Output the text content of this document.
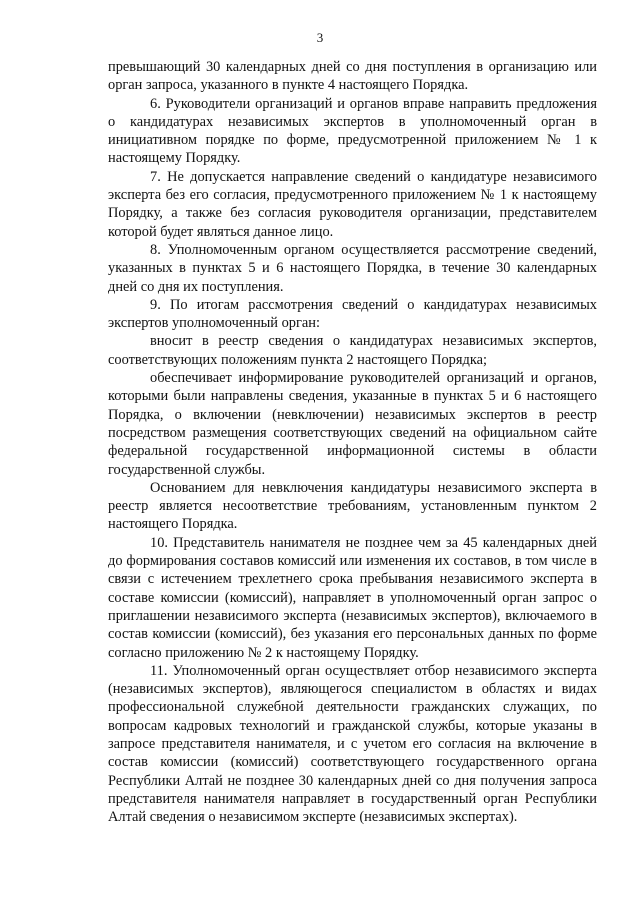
3

превышающий 30 календарных дней со дня поступления в организацию или орган запроса, указанного в пункте 4 настоящего Порядка.

6. Руководители организаций и органов вправе направить предложения о кандидатурах независимых экспертов в уполномоченный орган в инициативном порядке по форме, предусмотренной приложением № 1 к настоящему Порядку.

7. Не допускается направление сведений о кандидатуре независимого эксперта без его согласия, предусмотренного приложением № 1 к настоящему Порядку, а также без согласия руководителя организации, представителем которой будет являться данное лицо.

8. Уполномоченным органом осуществляется рассмотрение сведений, указанных в пунктах 5 и 6 настоящего Порядка, в течение 30 календарных дней со дня их поступления.

9. По итогам рассмотрения сведений о кандидатурах независимых экспертов уполномоченный орган:

вносит в реестр сведения о кандидатурах независимых экспертов, соответствующих положениям пункта 2 настоящего Порядка;

обеспечивает информирование руководителей организаций и органов, которыми были направлены сведения, указанные в пунктах 5 и 6 настоящего Порядка, о включении (невключении) независимых экспертов в реестр посредством размещения соответствующих сведений на официальном сайте федеральной государственной информационной системы в области государственной службы.

Основанием для невключения кандидатуры независимого эксперта в реестр является несоответствие требованиям, установленным пунктом 2 настоящего Порядка.

10. Представитель нанимателя не позднее чем за 45 календарных дней до формирования составов комиссий или изменения их составов, в том числе в связи с истечением трехлетнего срока пребывания независимого эксперта в составе комиссии (комиссий), направляет в уполномоченный орган запрос о приглашении независимого эксперта (независимых экспертов), включаемого в состав комиссии (комиссий), без указания его персональных данных по форме согласно приложению № 2 к настоящему Порядку.

11. Уполномоченный орган осуществляет отбор независимого эксперта (независимых экспертов), являющегося специалистом в областях и видах профессиональной служебной деятельности гражданских служащих, по вопросам кадровых технологий и гражданской службы, которые указаны в запросе представителя нанимателя, и с учетом его согласия на включение в состав комиссии (комиссий) соответствующего государственного органа Республики Алтай не позднее 30 календарных дней со дня получения запроса представителя нанимателя направляет в государственный орган Республики Алтай сведения о независимом эксперте (независимых экспертах).
